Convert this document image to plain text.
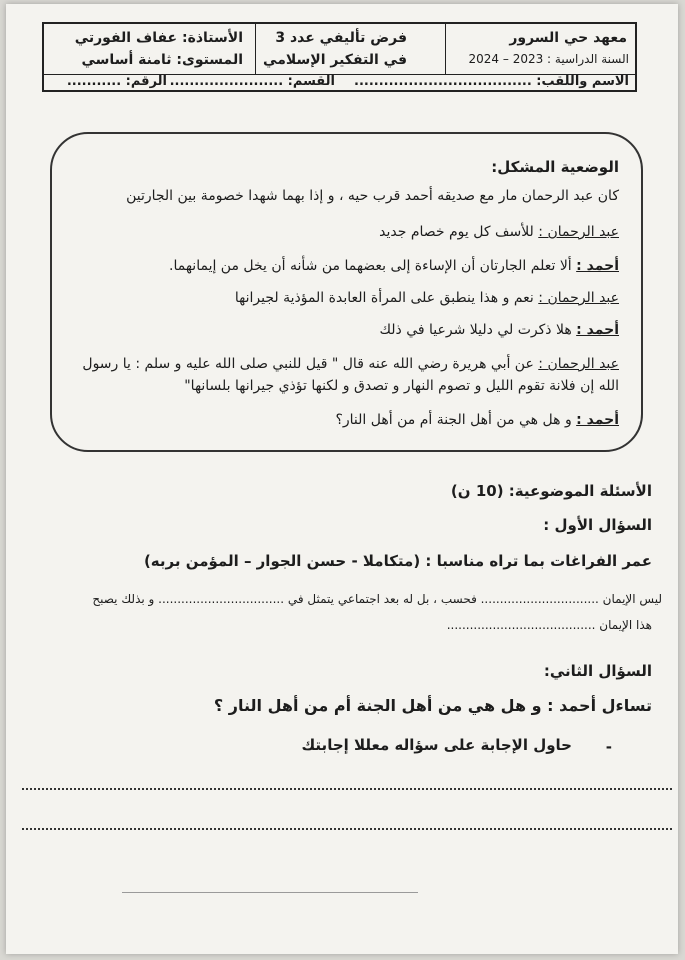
معهد حي السرور
السنة الدراسية : 2023 – 2024
فرض تأليفي عدد 3
في التفكير الإسلامي
الأستاذة: عفاف الفورتي
المستوى: ثامنة أساسي
الاسم واللقب: ....................................
القسم: .......................
الرقم: ...........
الوضعية المشكل:
كان عبد الرحمان مار مع صديقه أحمد قرب حيه ، و إذا بهما شهدا خصومة بين الجارتين
عبد الرحمان : للأسف كل يوم خصام جديد
أحمد : ألا تعلم الجارتان أن الإساءة إلى بعضهما من شأنه أن يخل من إيمانهما.
عبد الرحمان : نعم و هذا ينطبق على المرأة العابدة المؤذية لجيرانها
أحمد : هلا ذكرت لي دليلا شرعيا في ذلك
عبد الرحمان : عن أبي هريرة رضي الله عنه قال " قيل للنبي صلى الله عليه و سلم : يا رسول
الله إن فلانة تقوم الليل و تصوم النهار و تصدق و لكنها تؤذي جيرانها بلسانها"
أحمد : و هل هي من أهل الجنة أم من أهل النار؟
الأسئلة الموضوعية: (10 ن)
السؤال الأول :
عمر الفراغات بما تراه مناسبا : (متكاملا - حسن الجوار – المؤمن بربه)
ليس الإيمان ............................... فحسب ، بل له بعد اجتماعي يتمثل في ................................. و بذلك يصبح
هذا الإيمان .......................................
السؤال الثاني:
تساءل أحمد : و هل هي من أهل الجنة أم من أهل النار ؟
-
حاول الإجابة على سؤاله معللا إجابتك
